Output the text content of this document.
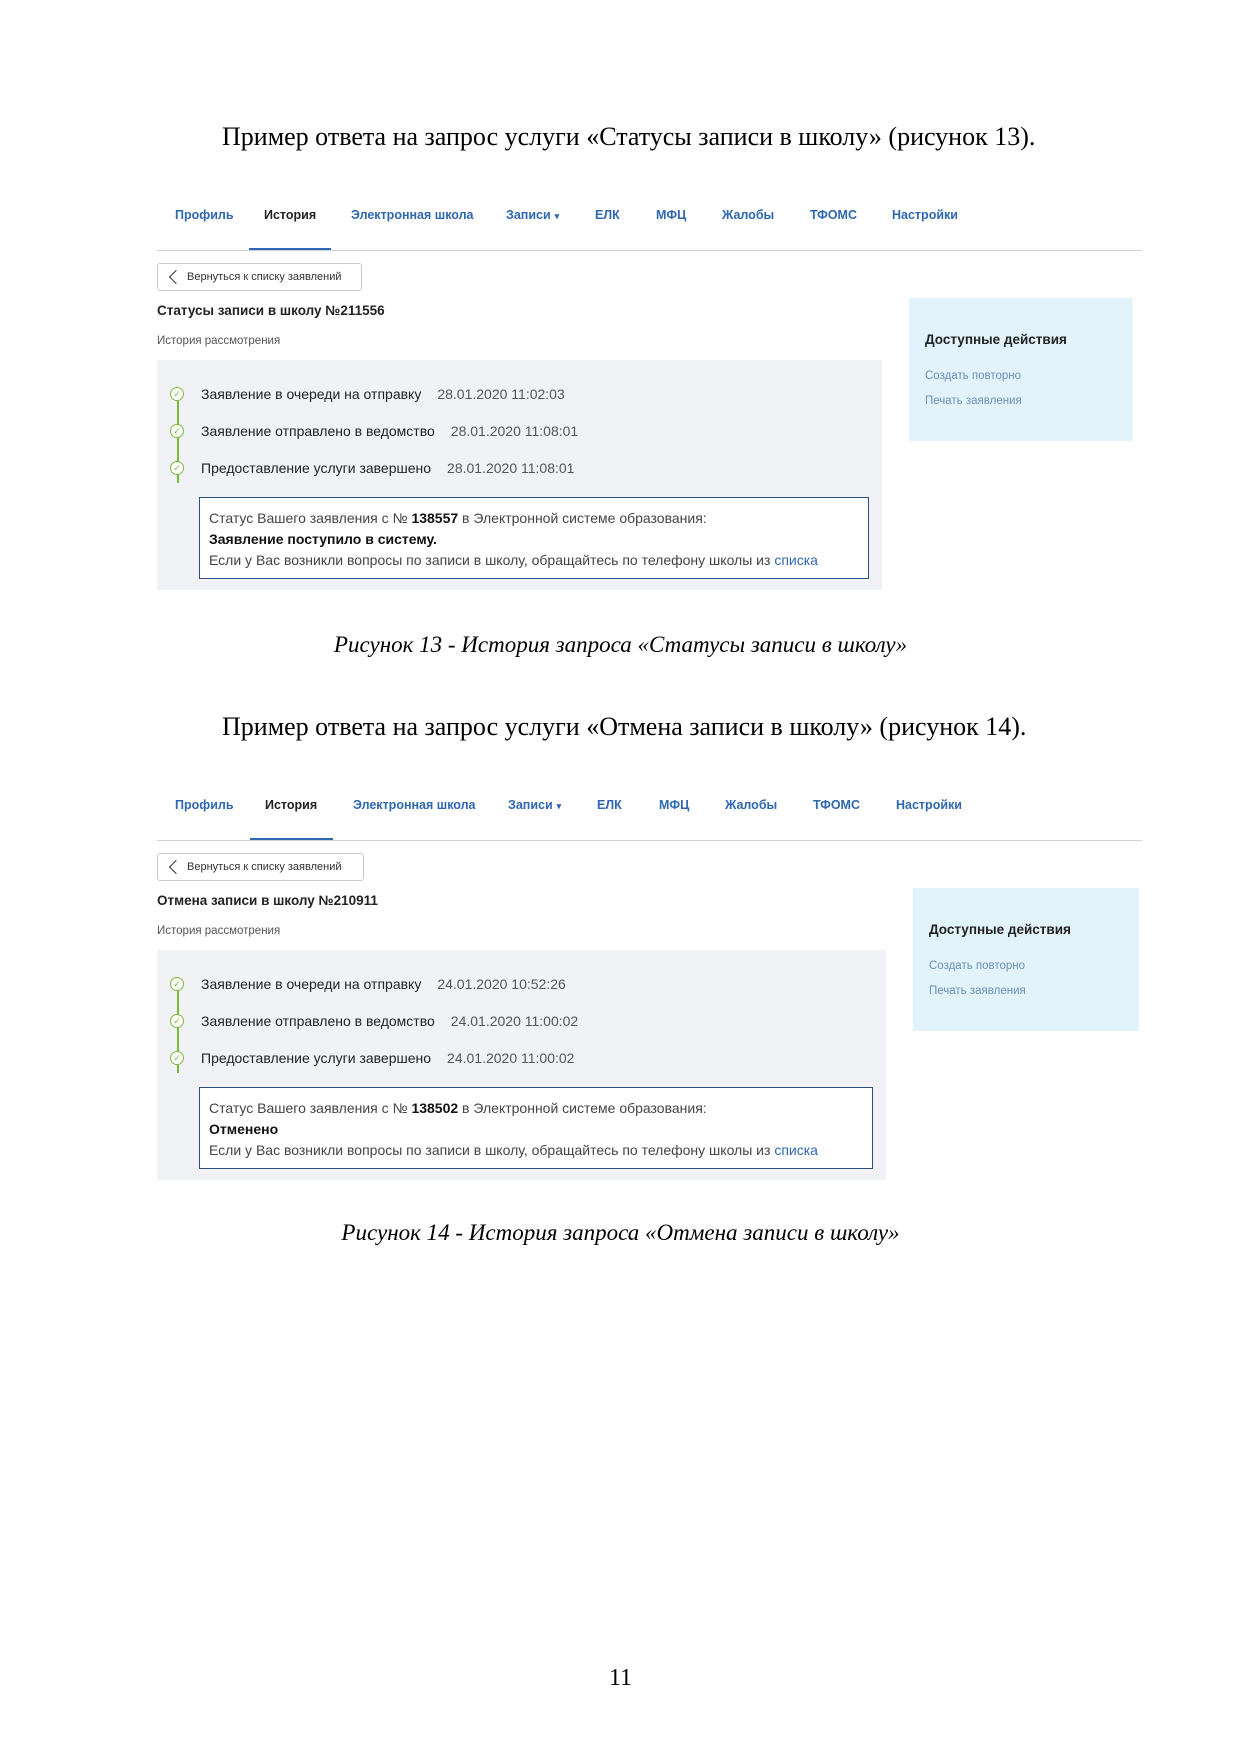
Пример ответа на запрос услуги «Статусы записи в школу» (рисунок 13).
Профиль История	Электронная школа	Записи ▾	ЕЛК	МФЦ	Жалобы	ТФОМС	Настройки
Вернуться к списку заявлений
Статусы записи в школу №211556
История рассмотрения
✓ Заявление в очереди на отправку 28.01.2020 11:02:03
✓ Заявление отправлено в ведомство 28.01.2020 11:08:01
✓ Предоставление услуги завершено 28.01.2020 11:08:01
Статус Вашего заявления с № 138557 в Электронной системе образования:
Заявление поступило в систему.
Если у Вас возникли вопросы по записи в школу, обращайтесь по телефону школы из списка
Доступные действия
Создать повторно
Печать заявления
Рисунок 13 - История запроса «Статусы записи в школу»
Пример ответа на запрос услуги «Отмена записи в школу» (рисунок 14).
Профиль	История	Электронная школа	Записи ▾	ЕЛК	МФЦ	Жалобы	ТФОМС	Настройки
Вернуться к списку заявлений
Отмена записи в школу №210911
История рассмотрения
✓ Заявление в очереди на отправку 24.01.2020 10:52:26
✓ Заявление отправлено в ведомство 24.01.2020 11:00:02
✓ Предоставление услуги завершено 24.01.2020 11:00:02
Статус Вашего заявления с № 138502 в Электронной системе образования:
Отменено
Если у Вас возникли вопросы по записи в школу, обращайтесь по телефону школы из списка
Доступные действия
Создать повторно
Печать заявления
Рисунок 14 - История запроса «Отмена записи в школу»
11
